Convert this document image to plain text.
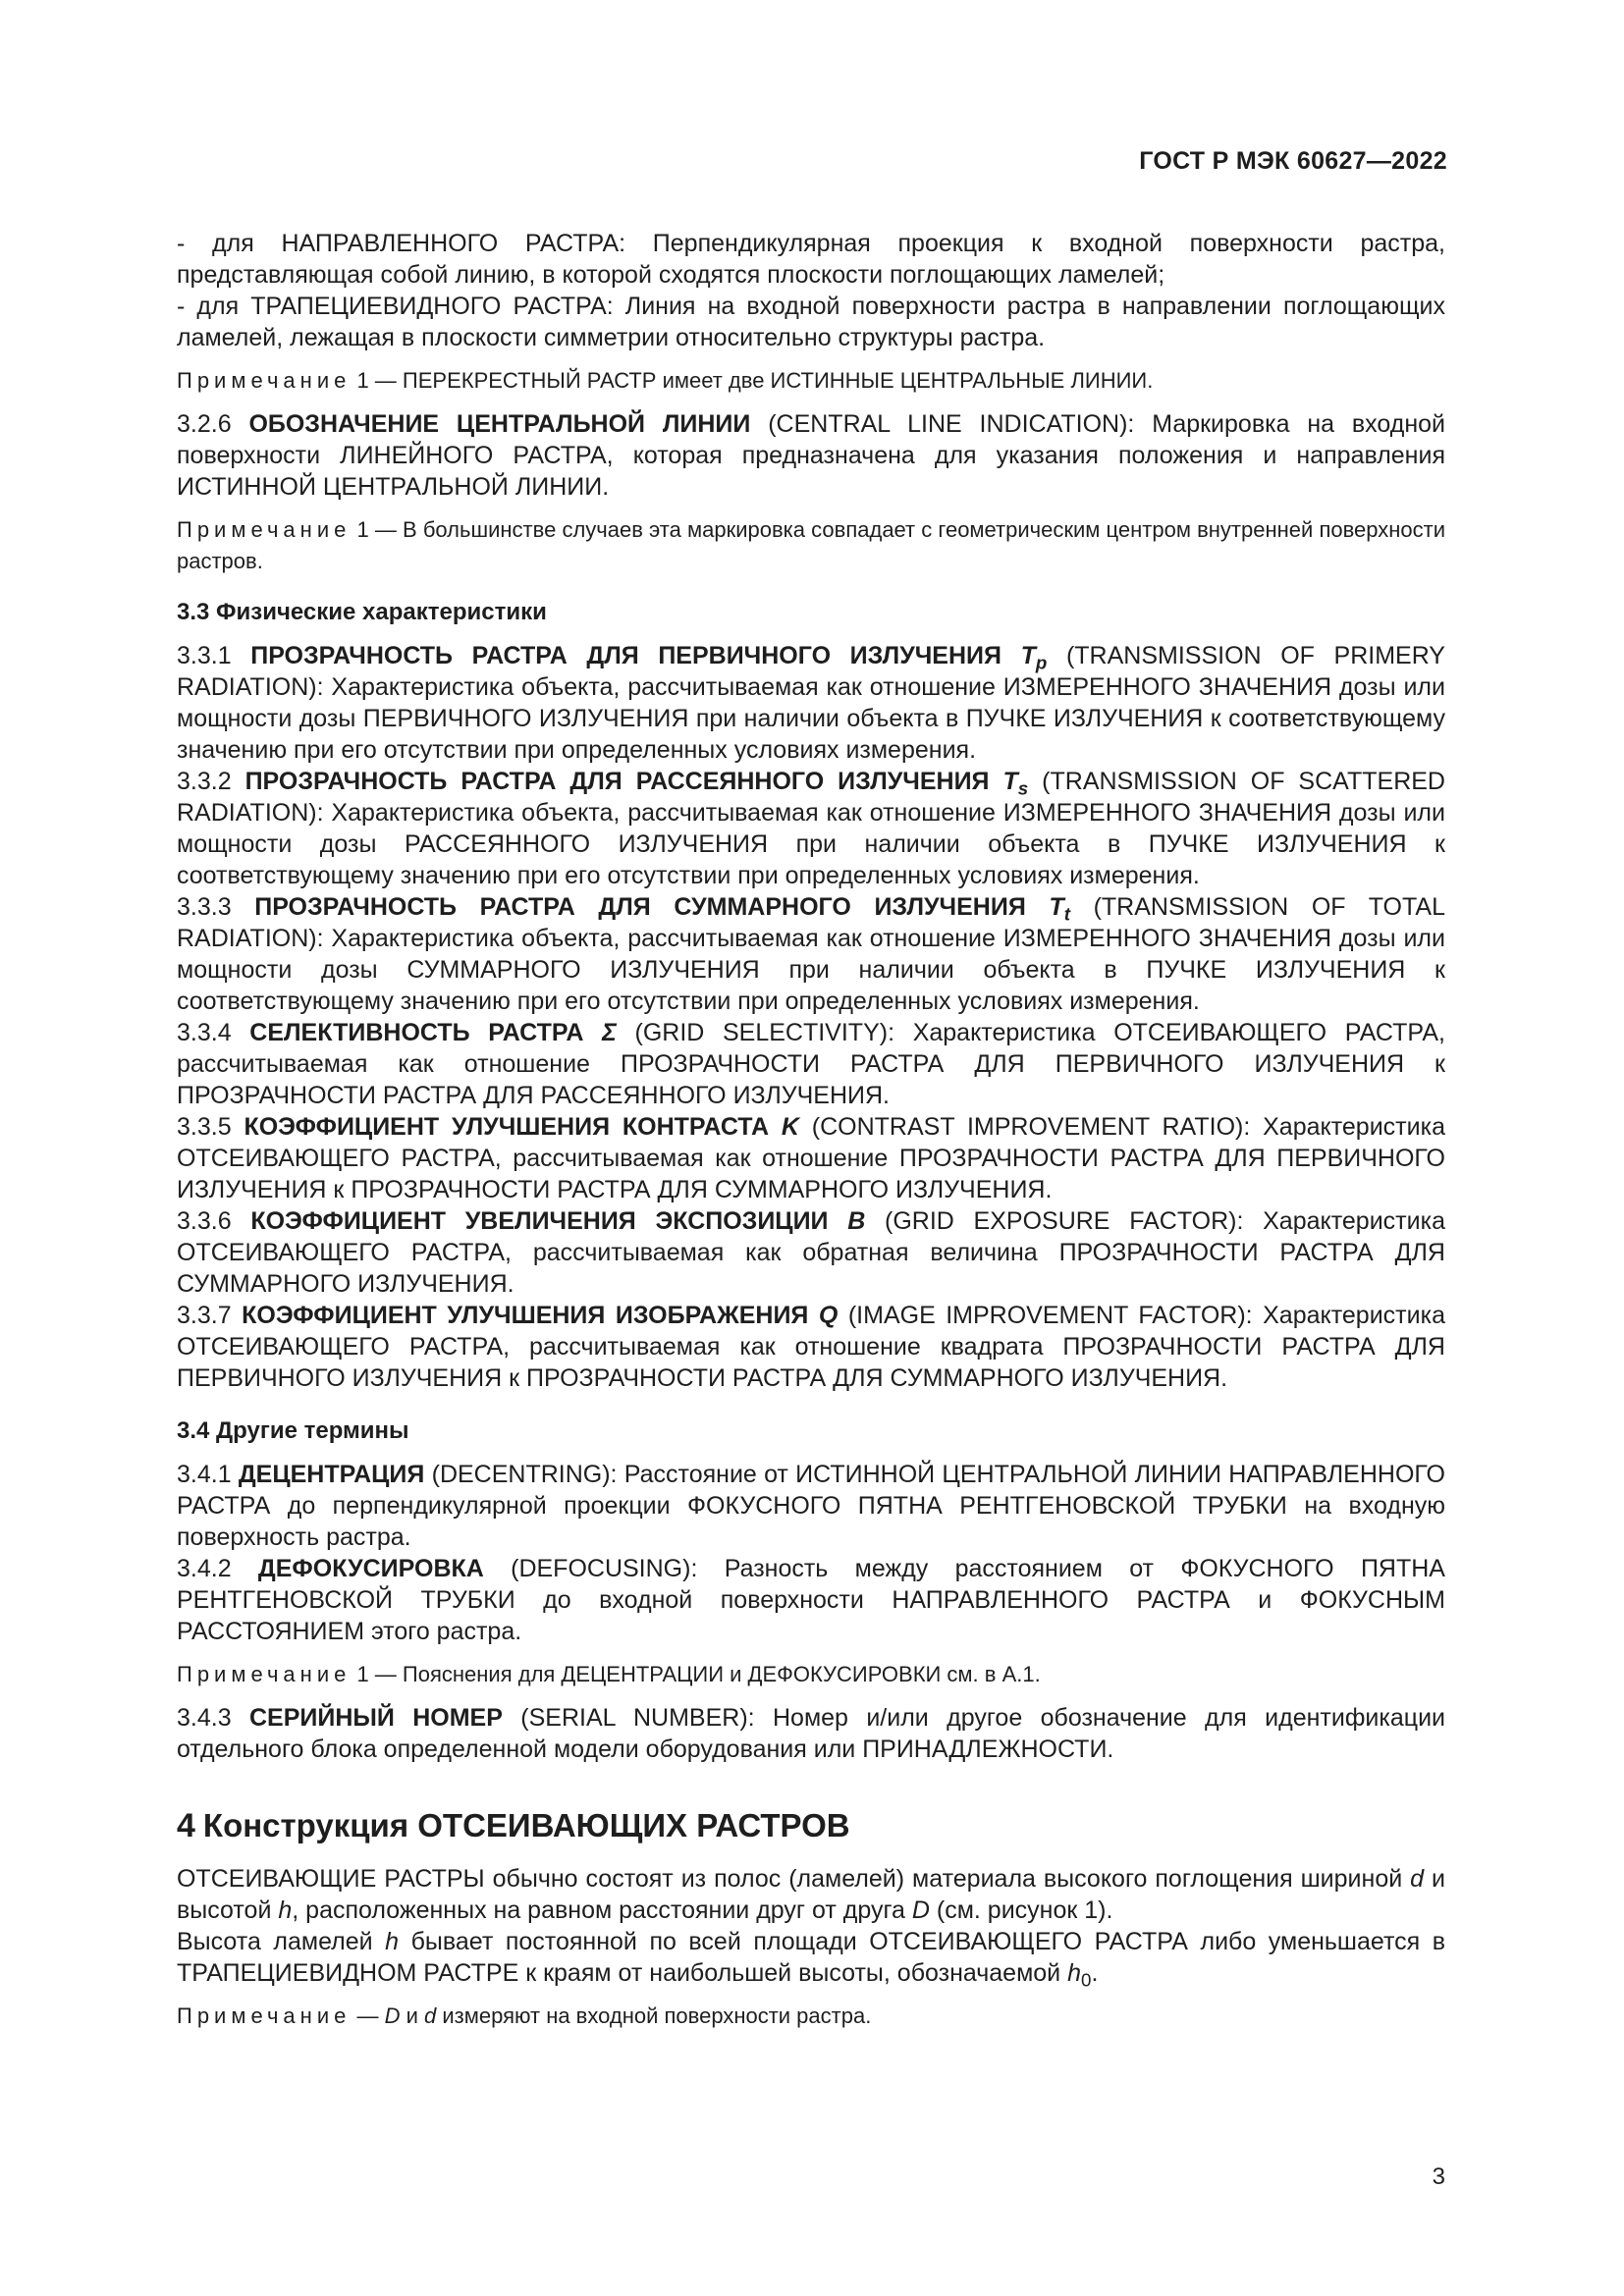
ГОСТ Р МЭК 60627—2022

- для НАПРАВЛЕННОГО РАСТРА: Перпендикулярная проекция к входной поверхности растра, представляющая собой линию, в которой сходятся плоскости поглощающих ламелей;

- для ТРАПЕЦИЕВИДНОГО РАСТРА: Линия на входной поверхности растра в направлении поглощающих ламелей, лежащая в плоскости симметрии относительно структуры растра.

Примечание 1 — ПЕРЕКРЕСТНЫЙ РАСТР имеет две ИСТИННЫЕ ЦЕНТРАЛЬНЫЕ ЛИНИИ.

3.2.6 ОБОЗНАЧЕНИЕ ЦЕНТРАЛЬНОЙ ЛИНИИ (CENTRAL LINE INDICATION): Маркировка на входной поверхности ЛИНЕЙНОГО РАСТРА, которая предназначена для указания положения и направления ИСТИННОЙ ЦЕНТРАЛЬНОЙ ЛИНИИ.

Примечание 1 — В большинстве случаев эта маркировка совпадает с геометрическим центром внутренней поверхности растров.

3.3 Физические характеристики

3.3.1 ПРОЗРАЧНОСТЬ РАСТРА ДЛЯ ПЕРВИЧНОГО ИЗЛУЧЕНИЯ $T_p$ (TRANSMISSION OF PRIMERY RADIATION): Характеристика объекта, рассчитываемая как отношение ИЗМЕРЕННОГО ЗНАЧЕНИЯ дозы или мощности дозы ПЕРВИЧНОГО ИЗЛУЧЕНИЯ при наличии объекта в ПУЧКЕ ИЗЛУЧЕНИЯ к соответствующему значению при его отсутствии при определенных условиях измерения.

3.3.2 ПРОЗРАЧНОСТЬ РАСТРА ДЛЯ РАССЕЯННОГО ИЗЛУЧЕНИЯ $T_s$ (TRANSMISSION OF SCATTERED RADIATION): Характеристика объекта, рассчитываемая как отношение ИЗМЕРЕННОГО ЗНАЧЕНИЯ дозы или мощности дозы РАССЕЯННОГО ИЗЛУЧЕНИЯ при наличии объекта в ПУЧКЕ ИЗЛУЧЕНИЯ к соответствующему значению при его отсутствии при определенных условиях измерения.

3.3.3 ПРОЗРАЧНОСТЬ РАСТРА ДЛЯ СУММАРНОГО ИЗЛУЧЕНИЯ $T_t$ (TRANSMISSION OF TOTAL RADIATION): Характеристика объекта, рассчитываемая как отношение ИЗМЕРЕННОГО ЗНАЧЕНИЯ дозы или мощности дозы СУММАРНОГО ИЗЛУЧЕНИЯ при наличии объекта в ПУЧКЕ ИЗЛУЧЕНИЯ к соответствующему значению при его отсутствии при определенных условиях измерения.

3.3.4 СЕЛЕКТИВНОСТЬ РАСТРА Σ (GRID SELECTIVITY): Характеристика ОТСЕИВАЮЩЕГО РАСТРА, рассчитываемая как отношение ПРОЗРАЧНОСТИ РАСТРА ДЛЯ ПЕРВИЧНОГО ИЗЛУЧЕНИЯ к ПРОЗРАЧНОСТИ РАСТРА ДЛЯ РАССЕЯННОГО ИЗЛУЧЕНИЯ.

3.3.5 КОЭФФИЦИЕНТ УЛУЧШЕНИЯ КОНТРАСТА K (CONTRAST IMPROVEMENT RATIO): Характеристика ОТСЕИВАЮЩЕГО РАСТРА, рассчитываемая как отношение ПРОЗРАЧНОСТИ РАСТРА ДЛЯ ПЕРВИЧНОГО ИЗЛУЧЕНИЯ к ПРОЗРАЧНОСТИ РАСТРА ДЛЯ СУММАРНОГО ИЗЛУЧЕНИЯ.

3.3.6 КОЭФФИЦИЕНТ УВЕЛИЧЕНИЯ ЭКСПОЗИЦИИ B (GRID EXPOSURE FACTOR): Характеристика ОТСЕИВАЮЩЕГО РАСТРА, рассчитываемая как обратная величина ПРОЗРАЧНОСТИ РАСТРА ДЛЯ СУММАРНОГО ИЗЛУЧЕНИЯ.

3.3.7 КОЭФФИЦИЕНТ УЛУЧШЕНИЯ ИЗОБРАЖЕНИЯ Q (IMAGE IMPROVEMENT FACTOR): Характеристика ОТСЕИВАЮЩЕГО РАСТРА, рассчитываемая как отношение квадрата ПРОЗРАЧНОСТИ РАСТРА ДЛЯ ПЕРВИЧНОГО ИЗЛУЧЕНИЯ к ПРОЗРАЧНОСТИ РАСТРА ДЛЯ СУММАРНОГО ИЗЛУЧЕНИЯ.

3.4 Другие термины

3.4.1 ДЕЦЕНТРАЦИЯ (DECENTRING): Расстояние от ИСТИННОЙ ЦЕНТРАЛЬНОЙ ЛИНИИ НАПРАВЛЕННОГО РАСТРА до перпендикулярной проекции ФОКУСНОГО ПЯТНА РЕНТГЕНОВСКОЙ ТРУБКИ на входную поверхность растра.

3.4.2 ДЕФОКУСИРОВКА (DEFOCUSING): Разность между расстоянием от ФОКУСНОГО ПЯТНА РЕНТГЕНОВСКОЙ ТРУБКИ до входной поверхности НАПРАВЛЕННОГО РАСТРА и ФОКУСНЫМ РАССТОЯНИЕМ этого растра.

Примечание 1 — Пояснения для ДЕЦЕНТРАЦИИ и ДЕФОКУСИРОВКИ см. в А.1.

3.4.3 СЕРИЙНЫЙ НОМЕР (SERIAL NUMBER): Номер и/или другое обозначение для идентификации отдельного блока определенной модели оборудования или ПРИНАДЛЕЖНОСТИ.

4 Конструкция ОТСЕИВАЮЩИХ РАСТРОВ

ОТСЕИВАЮЩИЕ РАСТРЫ обычно состоят из полос (ламелей) материала высокого поглощения шириной d и высотой h, расположенных на равном расстоянии друг от друга D (см. рисунок 1).

Высота ламелей h бывает постоянной по всей площади ОТСЕИВАЮЩЕГО РАСТРА либо уменьшается в ТРАПЕЦИЕВИДНОМ РАСТРЕ к краям от наибольшей высоты, обозначаемой $h_0$.

Примечание — D и d измеряют на входной поверхности растра.

3
